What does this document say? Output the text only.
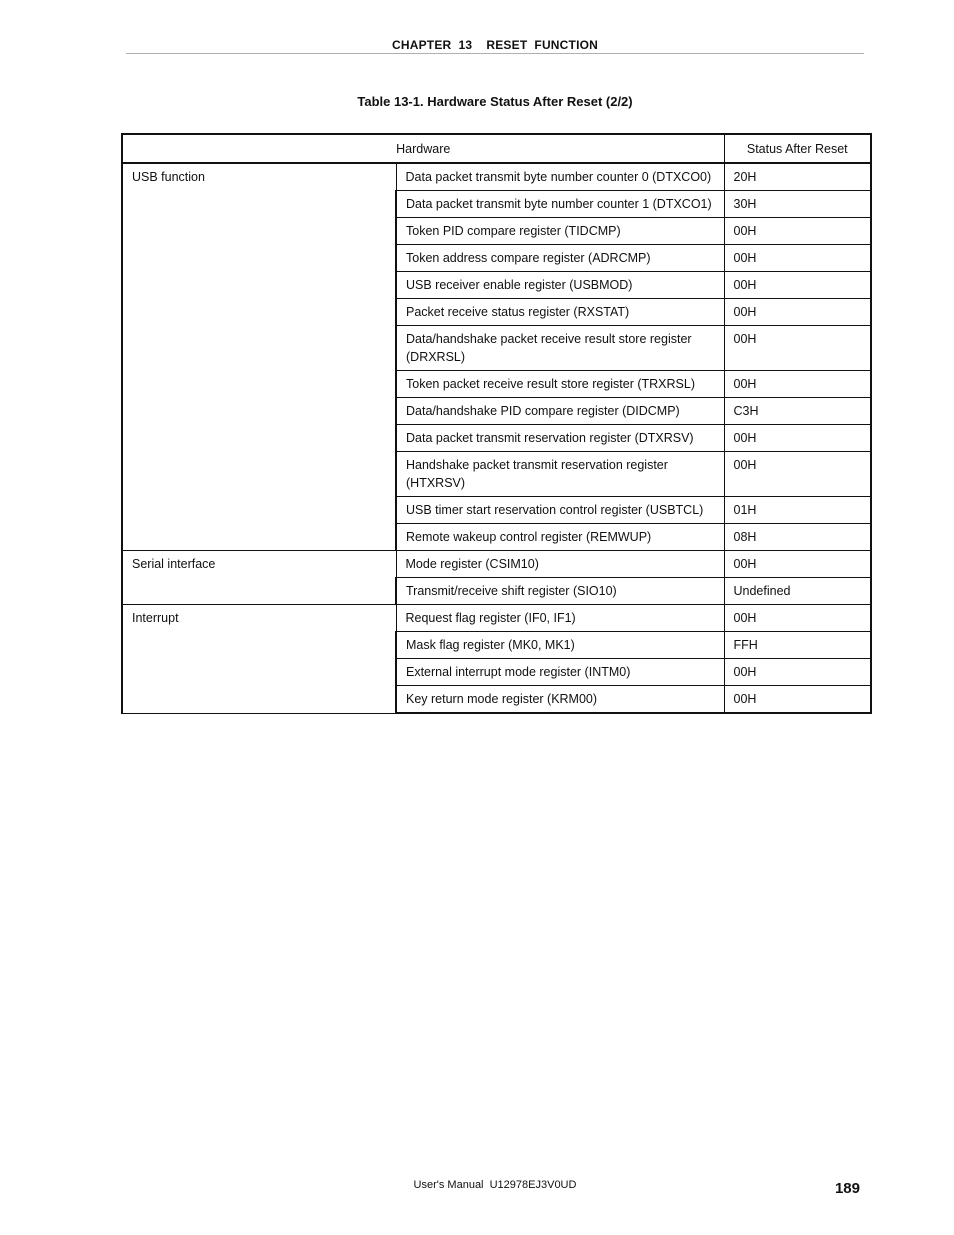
CHAPTER  13    RESET  FUNCTION
Table 13-1. Hardware Status After Reset (2/2)
Hardware		Status After Reset
USB function	Data packet transmit byte number counter 0 (DTXCO0)	20H
	Data packet transmit byte number counter 1 (DTXCO1)	30H
	Token PID compare register (TIDCMP)	00H
	Token address compare register (ADRCMP)	00H
	USB receiver enable register (USBMOD)	00H
	Packet receive status register (RXSTAT)	00H
	Data/handshake packet receive result store register (DRXRSL)	00H
	Token packet receive result store register (TRXRSL)	00H
	Data/handshake PID compare register (DIDCMP)	C3H
	Data packet transmit reservation register (DTXRSV)	00H
	Handshake packet transmit reservation register (HTXRSV)	00H
	USB timer start reservation control register (USBTCL)	01H
	Remote wakeup control register (REMWUP)	08H
Serial interface	Mode register (CSIM10)	00H
	Transmit/receive shift register (SIO10)	Undefined
Interrupt	Request flag register (IF0, IF1)	00H
	Mask flag register (MK0, MK1)	FFH
	External interrupt mode register (INTM0)	00H
	Key return mode register (KRM00)	00H
User's Manual  U12978EJ3V0UD	189
